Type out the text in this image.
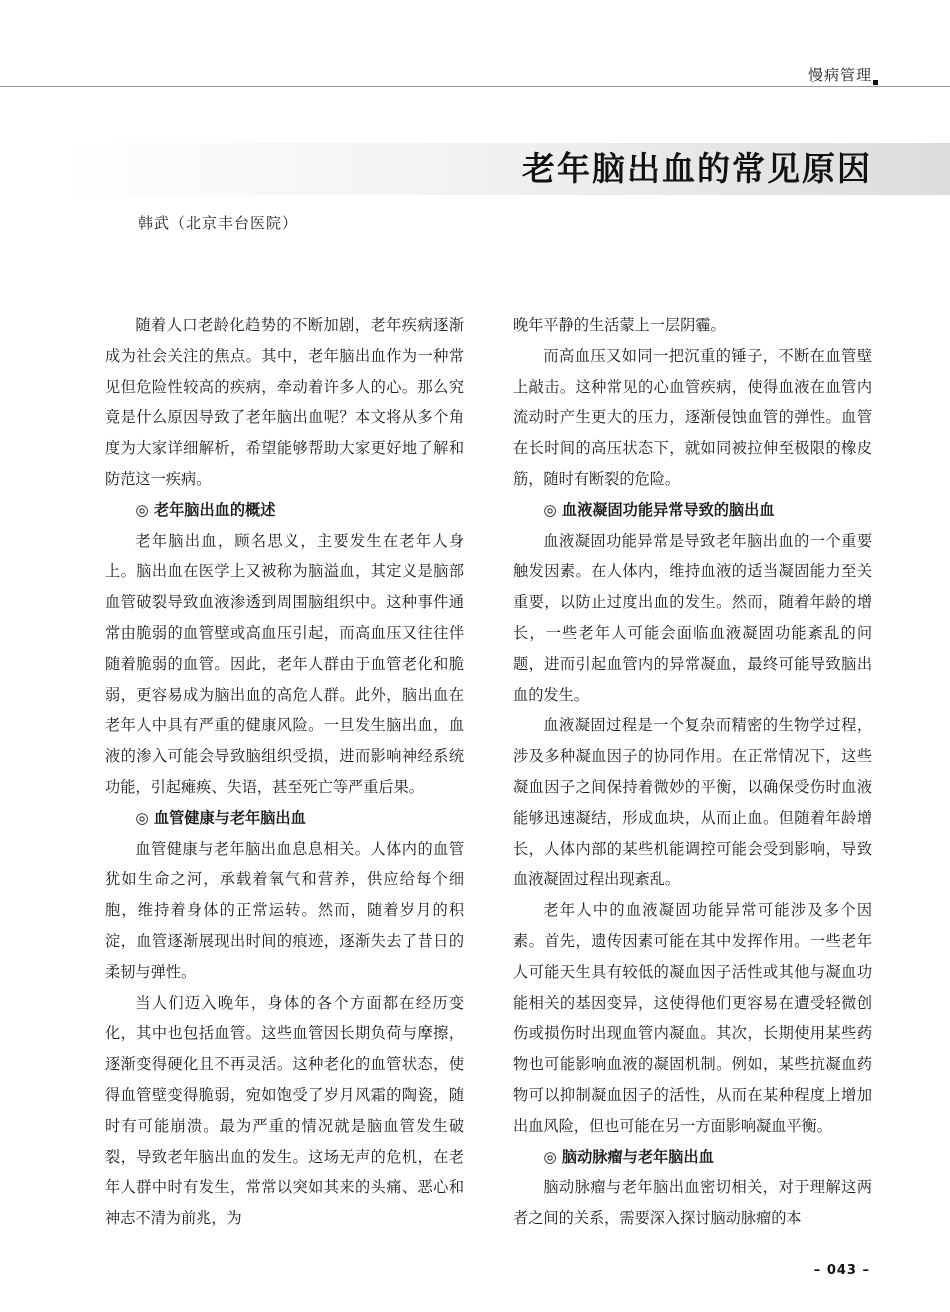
慢病管理
老年脑出血的常见原因
韩武（北京丰台医院）

随着人口老龄化趋势的不断加剧，老年疾病逐渐成为社会关注的焦点。其中，老年脑出血作为一种常见但危险性较高的疾病，牵动着许多人的心。那么究竟是什么原因导致了老年脑出血呢？本文将从多个角度为大家详细解析，希望能够帮助大家更好地了解和防范这一疾病。

◎ 老年脑出血的概述

老年脑出血，顾名思义，主要发生在老年人身上。脑出血在医学上又被称为脑溢血，其定义是脑部血管破裂导致血液渗透到周围脑组织中。这种事件通常由脆弱的血管壁或高血压引起，而高血压又往往伴随着脆弱的血管。因此，老年人群由于血管老化和脆弱，更容易成为脑出血的高危人群。此外，脑出血在老年人中具有严重的健康风险。一旦发生脑出血，血液的渗入可能会导致脑组织受损，进而影响神经系统功能，引起瘫痪、失语，甚至死亡等严重后果。

◎ 血管健康与老年脑出血

血管健康与老年脑出血息息相关。人体内的血管犹如生命之河，承载着氧气和营养，供应给每个细胞，维持着身体的正常运转。然而，随着岁月的积淀，血管逐渐展现出时间的痕迹，逐渐失去了昔日的柔韧与弹性。

当人们迈入晚年，身体的各个方面都在经历变化，其中也包括血管。这些血管因长期负荷与摩擦，逐渐变得硬化且不再灵活。这种老化的血管状态，使得血管壁变得脆弱，宛如饱受了岁月风霜的陶瓷，随时有可能崩溃。最为严重的情况就是脑血管发生破裂，导致老年脑出血的发生。这场无声的危机，在老年人群中时有发生，常常以突如其来的头痛、恶心和神志不清为前兆，为

晚年平静的生活蒙上一层阴霾。

而高血压又如同一把沉重的锤子，不断在血管壁上敲击。这种常见的心血管疾病，使得血液在血管内流动时产生更大的压力，逐渐侵蚀血管的弹性。血管在长时间的高压状态下，就如同被拉伸至极限的橡皮筋，随时有断裂的危险。

◎ 血液凝固功能异常导致的脑出血

血液凝固功能异常是导致老年脑出血的一个重要触发因素。在人体内，维持血液的适当凝固能力至关重要，以防止过度出血的发生。然而，随着年龄的增长，一些老年人可能会面临血液凝固功能紊乱的问题，进而引起血管内的异常凝血，最终可能导致脑出血的发生。

血液凝固过程是一个复杂而精密的生物学过程，涉及多种凝血因子的协同作用。在正常情况下，这些凝血因子之间保持着微妙的平衡，以确保受伤时血液能够迅速凝结，形成血块，从而止血。但随着年龄增长，人体内部的某些机能调控可能会受到影响，导致血液凝固过程出现紊乱。

老年人中的血液凝固功能异常可能涉及多个因素。首先，遗传因素可能在其中发挥作用。一些老年人可能天生具有较低的凝血因子活性或其他与凝血功能相关的基因变异，这使得他们更容易在遭受轻微创伤或损伤时出现血管内凝血。其次，长期使用某些药物也可能影响血液的凝固机制。例如，某些抗凝血药物可以抑制凝血因子的活性，从而在某种程度上增加出血风险，但也可能在另一方面影响凝血平衡。

◎ 脑动脉瘤与老年脑出血

脑动脉瘤与老年脑出血密切相关，对于理解这两者之间的关系，需要深入探讨脑动脉瘤的本

– 043 –
